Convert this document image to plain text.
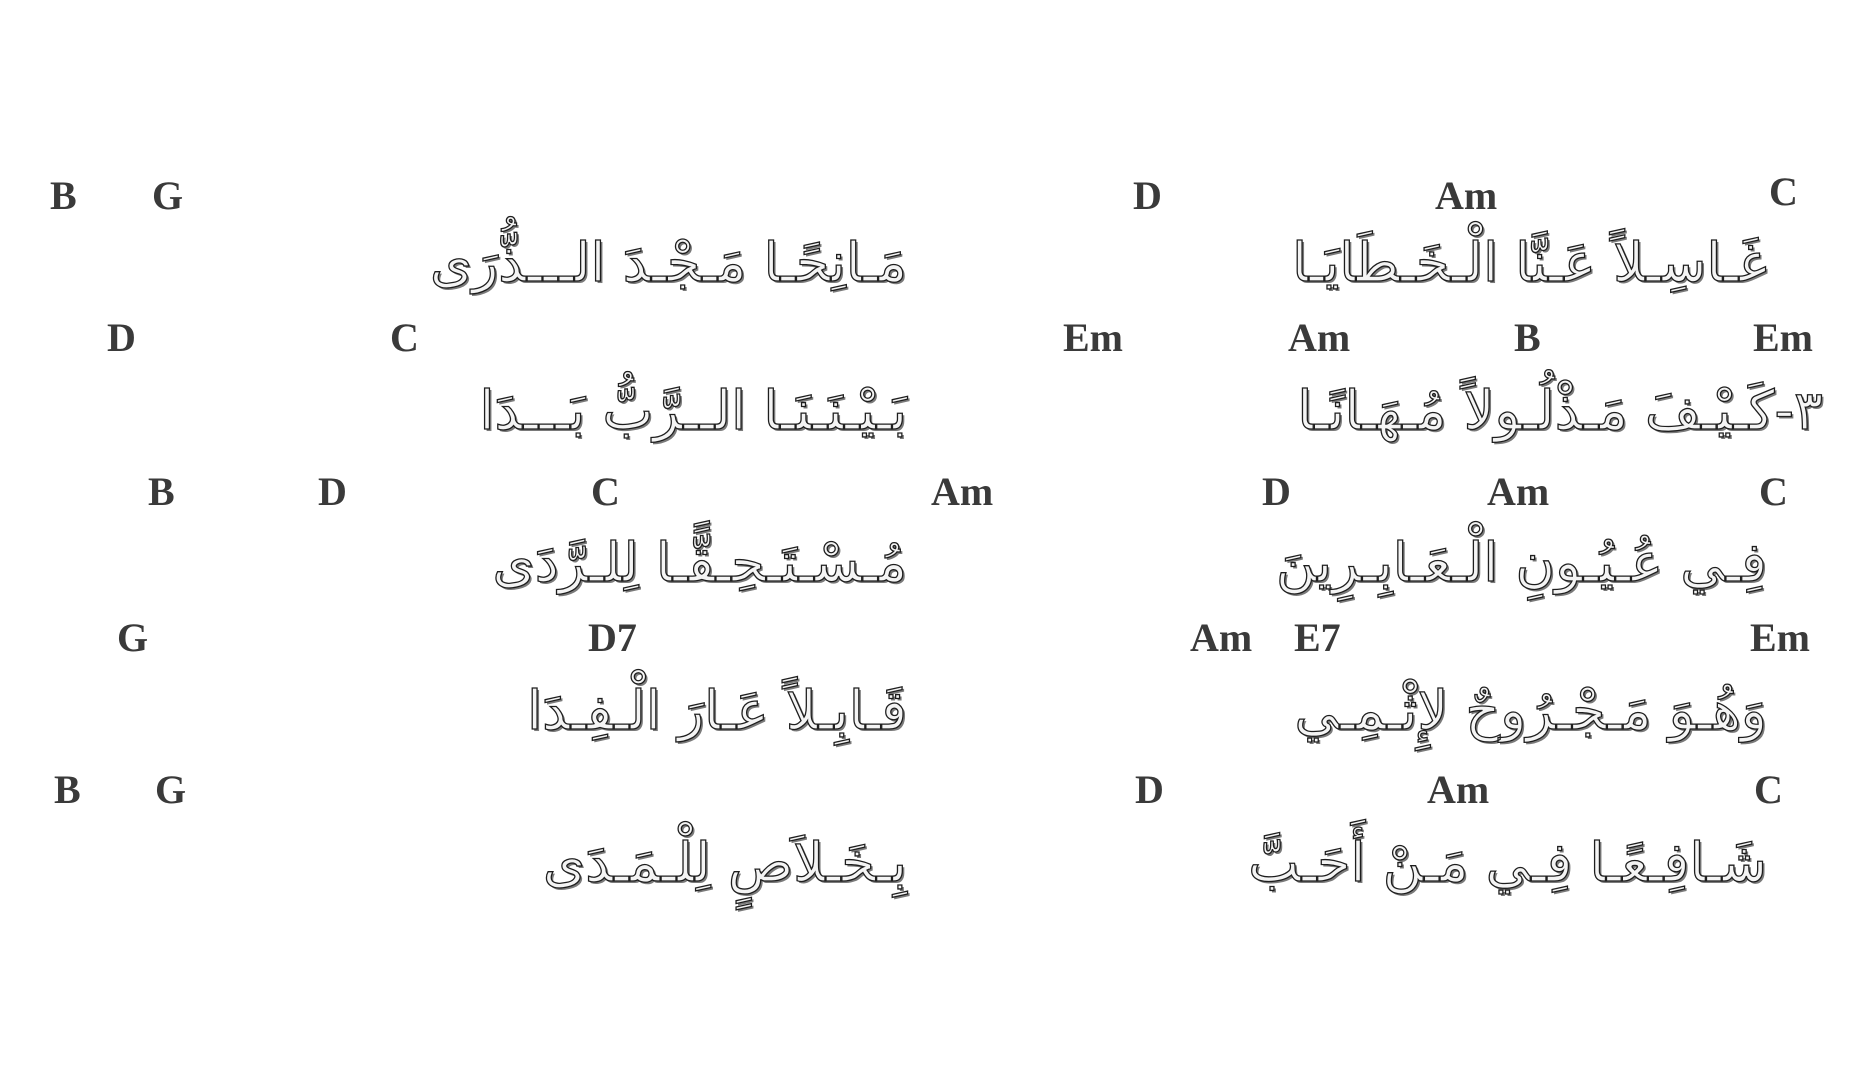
B G	D	Am	C
مَـانِحًـا مَـجْـدَ الـــذُّرَى	غَـاسِـلاً عَـنَّا الْـخَـطَايَـا
D	C	Em	Am	B	Em
بَـيْـنَـنَـا الــرَّبُّ بَـــدَا	٣-كَـيْـفَ مَـذْلُـولاً مُـهَـانًـا
B	D	C	Am	D	Am	C
مُـسْـتَـحِـقًّـا لِلـرَّدَى	فِـي عُـيُـونِ الْـعَـابِـرِينَ
G	D7	Am E7	Em
قَـابِـلاً عَـارَ الْـفِـدَا	وَهُـوَ مَـجْـرُوحٌ لإِثْـمِـي
B G	D	Am	C
بِـخَـلاَصٍ لِلْـمَـدَى	شَـافِـعًـا فِـي مَـنْ أَحَـبَّ
